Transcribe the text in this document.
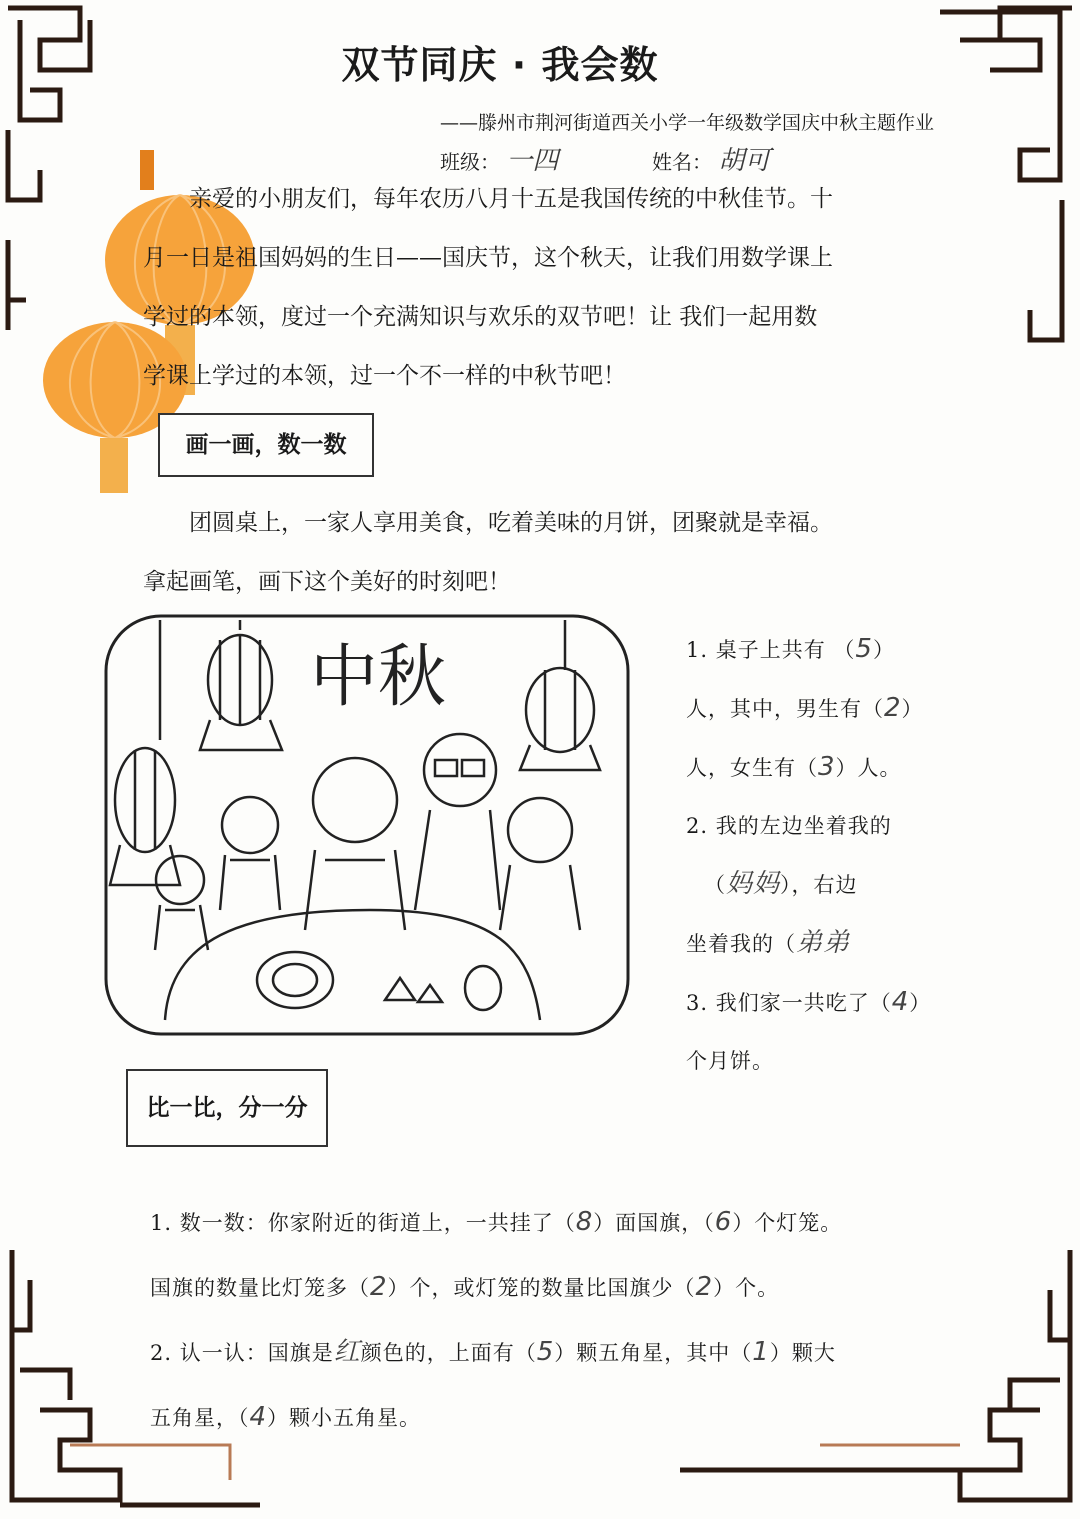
双节同庆 · 我会数
——滕州市荆河街道西关小学一年级数学国庆中秋主题作业
班级： 一四	姓名： 胡可
亲爱的小朋友们，每年农历八月十五是我国传统的中秋佳节。十
月一日是祖国妈妈的生日——国庆节，这个秋天，让我们用数学课上
学过的本领，度过一个充满知识与欢乐的双节吧！让 我们一起用数
学课上学过的本领，过一个不一样的中秋节吧！
画一画，数一数
团圆桌上，一家人享用美食，吃着美味的月饼，团聚就是幸福。
拿起画笔，画下这个美好的时刻吧！
中秋	1. 桌子上共有 （5）
人，其中，男生有（2）
人，女生有（3）人。
2. 我的左边坐着我的
（妈妈），右边
坐着我的（弟弟
3. 我们家一共吃了（4）
个月饼。
比一比，分一分
1. 数一数：你家附近的街道上，一共挂了（8）面国旗，（6）个灯笼。
国旗的数量比灯笼多（2）个，或灯笼的数量比国旗少（2）个。
2. 认一认：国旗是红颜色的，上面有（5）颗五角星，其中（1）颗大
五角星，（4）颗小五角星。
